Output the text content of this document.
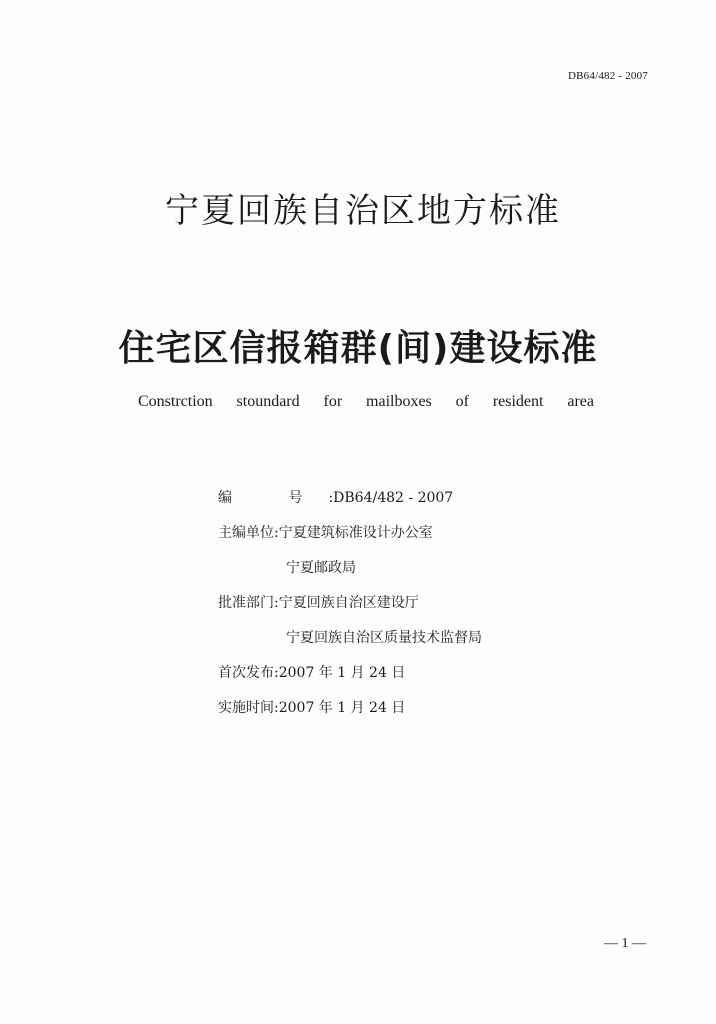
DB64/482 - 2007
宁夏回族自治区地方标准
住宅区信报箱群(间)建设标准
Constrction stoundard for mailboxes of resident area
编 号:DB64/482 - 2007
主编单位:宁夏建筑标准设计办公室
宁夏邮政局
批准部门:宁夏回族自治区建设厅
宁夏回族自治区质量技术监督局
首次发布:2007 年 1 月 24 日
实施时间:2007 年 1 月 24 日
— 1 —
